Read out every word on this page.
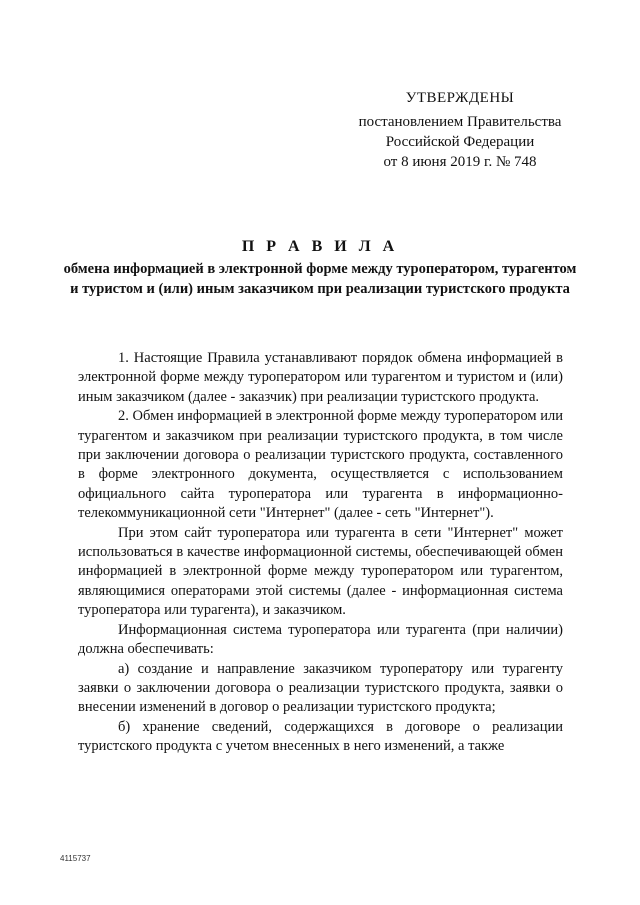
УТВЕРЖДЕНЫ
постановлением Правительства
Российской Федерации
от 8 июня 2019 г. № 748
П Р А В И Л А
обмена информацией в электронной форме между туроператором, турагентом и туристом и (или) иным заказчиком при реализации туристского продукта

1. Настоящие Правила устанавливают порядок обмена информацией в электронной форме между туроператором или турагентом и туристом и (или) иным заказчиком (далее - заказчик) при реализации туристского продукта.

2. Обмен информацией в электронной форме между туроператором или турагентом и заказчиком при реализации туристского продукта, в том числе при заключении договора о реализации туристского продукта, составленного в форме электронного документа, осуществляется с использованием официального сайта туроператора или турагента в информационно-телекоммуникационной сети "Интернет" (далее - сеть "Интернет").

При этом сайт туроператора или турагента в сети "Интернет" может использоваться в качестве информационной системы, обеспечивающей обмен информацией в электронной форме между туроператором или турагентом, являющимися операторами этой системы (далее - информационная система туроператора или турагента), и заказчиком.

Информационная система туроператора или турагента (при наличии) должна обеспечивать:

а) создание и направление заказчиком туроператору или турагенту заявки о заключении договора о реализации туристского продукта, заявки о внесении изменений в договор о реализации туристского продукта;

б) хранение сведений, содержащихся в договоре о реализации туристского продукта с учетом внесенных в него изменений, а также

4115737
